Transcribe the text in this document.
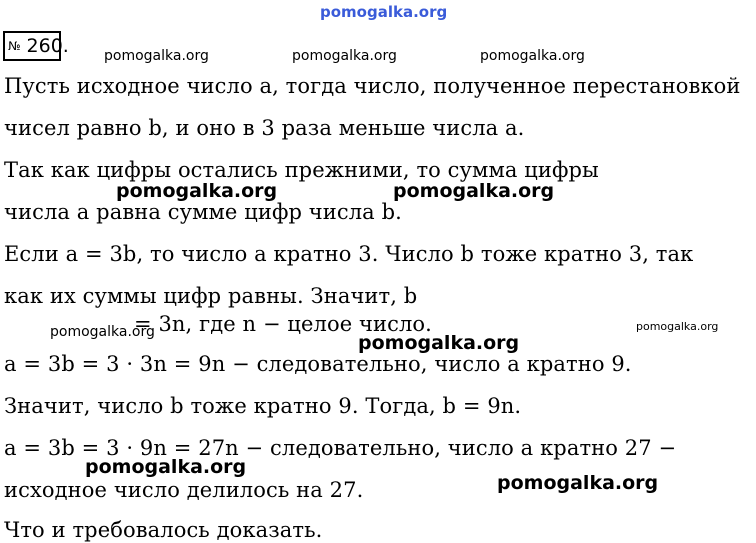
pomogalka.org
№ 260.	pomogalka.org	pomogalka.org	pomogalka.org
Пусть исходное число a, тогда число, полученное перестановкой
чисел равно b, и оно в 3 раза меньше числа a.
Так как цифры остались прежними, то сумма цифры
числа a равна сумме цифр числа b.
Если a = 3b, то число a кратно 3. Число b тоже кратно 3, так
как их суммы цифр равны. Значит, b
= 3n, где n − целое число.
a = 3b = 3 · 3n = 9n − следовательно, число a кратно 9.
Значит, число b тоже кратно 9. Тогда, b = 9n.
a = 3b = 3 · 9n = 27n − следовательно, число a кратно 27 −
исходное число делилось на 27.
Что и требовалось доказать.
pomogalka.org	pomogalka.org
pomogalka.org	pomogalka.org
pomogalka.org
pomogalka.org
pomogalka.org
